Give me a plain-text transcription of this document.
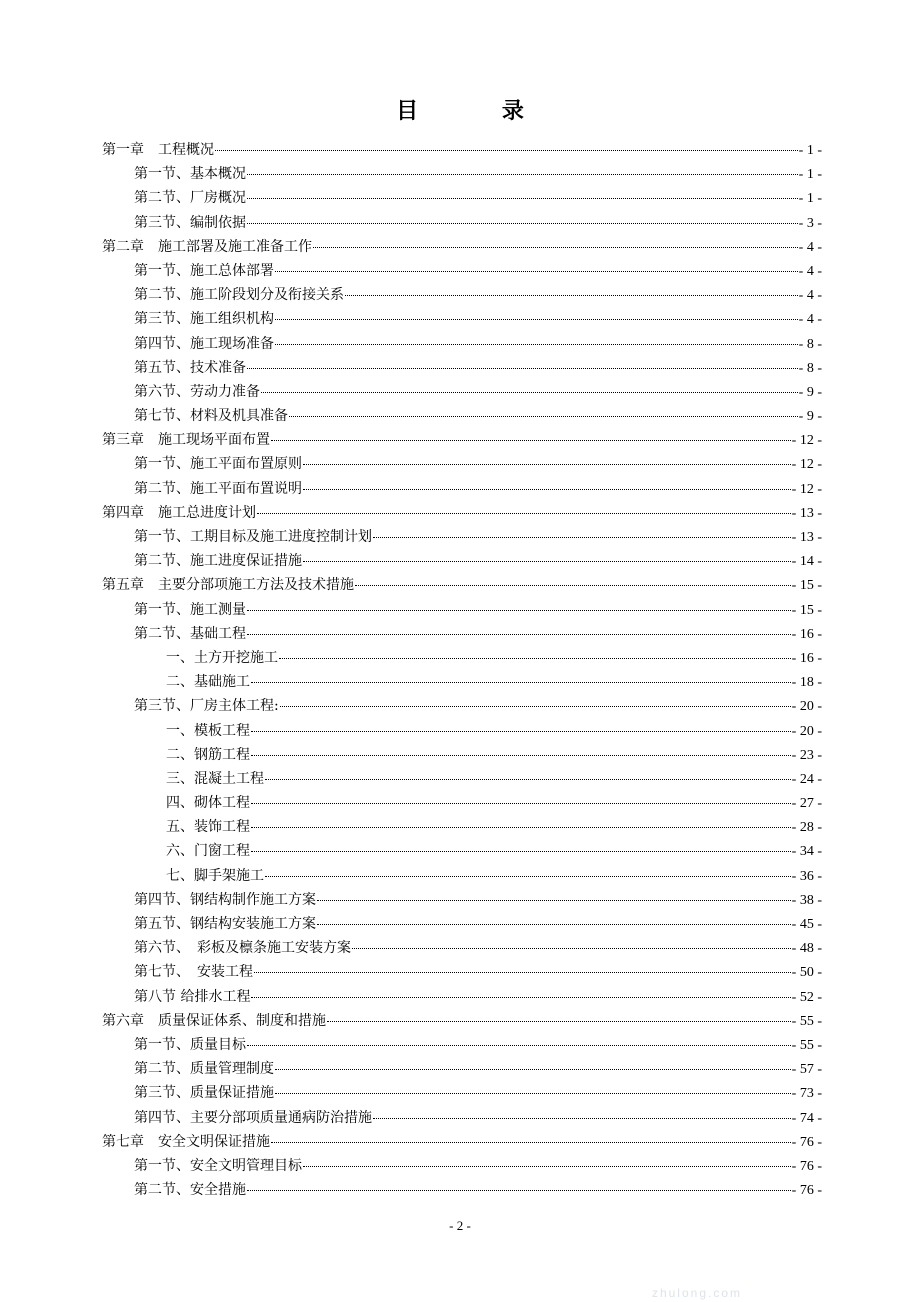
目 录
第一章　工程概况	- 1 -
第一节、基本概况	- 1 -
第二节、厂房概况	- 1 -
第三节、编制依据	- 3 -
第二章　施工部署及施工准备工作	- 4 -
第一节、施工总体部署	- 4 -
第二节、施工阶段划分及衔接关系	- 4 -
第三节、施工组织机构	- 4 -
第四节、施工现场准备	- 8 -
第五节、技术准备	- 8 -
第六节、劳动力准备	- 9 -
第七节、材料及机具准备	- 9 -
第三章　施工现场平面布置	- 12 -
第一节、施工平面布置原则	- 12 -
第二节、施工平面布置说明	- 12 -
第四章　施工总进度计划	- 13 -
第一节、工期目标及施工进度控制计划	- 13 -
第二节、施工进度保证措施	- 14 -
第五章　主要分部项施工方法及技术措施	- 15 -
第一节、施工测量	- 15 -
第二节、基础工程	- 16 -
一、土方开挖施工	- 16 -
二、基础施工	- 18 -
第三节、厂房主体工程:	- 20 -
一、模板工程	- 20 -
二、钢筋工程	- 23 -
三、混凝土工程	- 24 -
四、砌体工程	- 27 -
五、装饰工程	- 28 -
六、门窗工程	- 34 -
七、脚手架施工	- 36 -
第四节、钢结构制作施工方案	- 38 -
第五节、钢结构安装施工方案	- 45 -
第六节、　彩板及檩条施工安装方案	- 48 -
第七节、　安装工程	- 50 -
第八节 给排水工程	- 52 -
第六章　质量保证体系、制度和措施	- 55 -
第一节、质量目标	- 55 -
第二节、质量管理制度	- 57 -
第三节、质量保证措施	- 73 -
第四节、主要分部项质量通病防治措施	- 74 -
第七章　安全文明保证措施	- 76 -
第一节、安全文明管理目标	- 76 -
第二节、安全措施	- 76 -
- 2 -
zhulong.com
